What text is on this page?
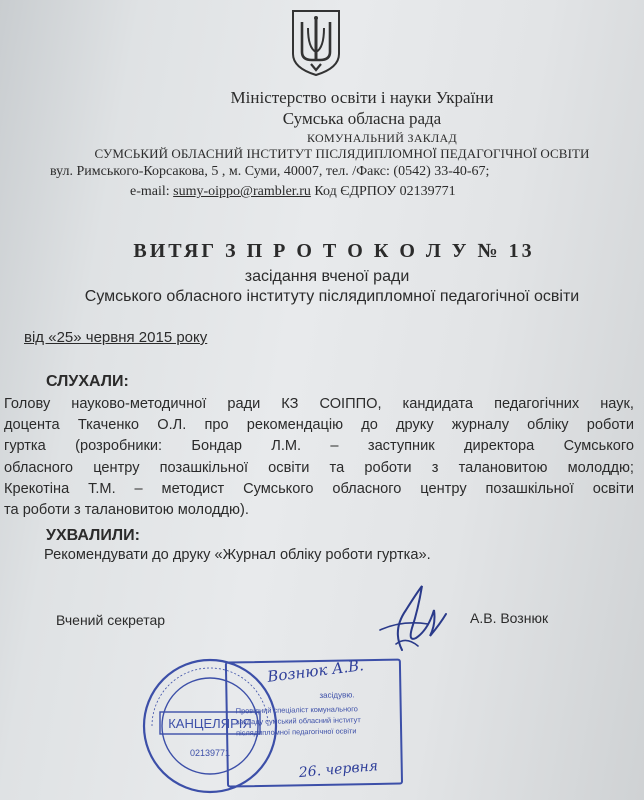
Міністерство освіти і науки України
Сумська обласна рада
КОМУНАЛЬНИЙ ЗАКЛАД
СУМСЬКИЙ ОБЛАСНИЙ ІНСТИТУТ ПІСЛЯДИПЛОМНОЇ ПЕДАГОГІЧНОЇ ОСВІТИ
вул. Римського-Корсакова, 5 , м. Суми, 40007, тел. /Факс: (0542) 33-40-67;
e-mail: sumy-oippo@rambler.ru Код ЄДРПОУ 02139771
ВИТЯГ З П Р О Т О К О Л У № 13
засідання вченої ради
Сумського обласного інституту післядипломної педагогічної освіти
від «25» червня 2015 року
СЛУХАЛИ:
Голову науково-методичної ради КЗ СОІППО, кандидата педагогічних наук,
доцента Ткаченко О.Л. про рекомендацію до друку журналу обліку роботи
гуртка (розробники: Бондар Л.М. – заступник директора Сумського
обласного центру позашкільної освіти та роботи з талановитою молоддю;
Крекотіна Т.М. – методист Сумського обласного центру позашкільної освіти
та роботи з талановитою молоддю).
УХВАЛИЛИ:
Рекомендувати до друку «Журнал обліку роботи гуртка».
Вчений секретар	А.В. Вознюк
КАНЦЕЛЯРІЯ
02139771
Вознюк А.В.
засідувю.
Провідний спеціаліст комунального
закладу сумський обласний інститут
післядипломної педагогічної освіти
26. червня
